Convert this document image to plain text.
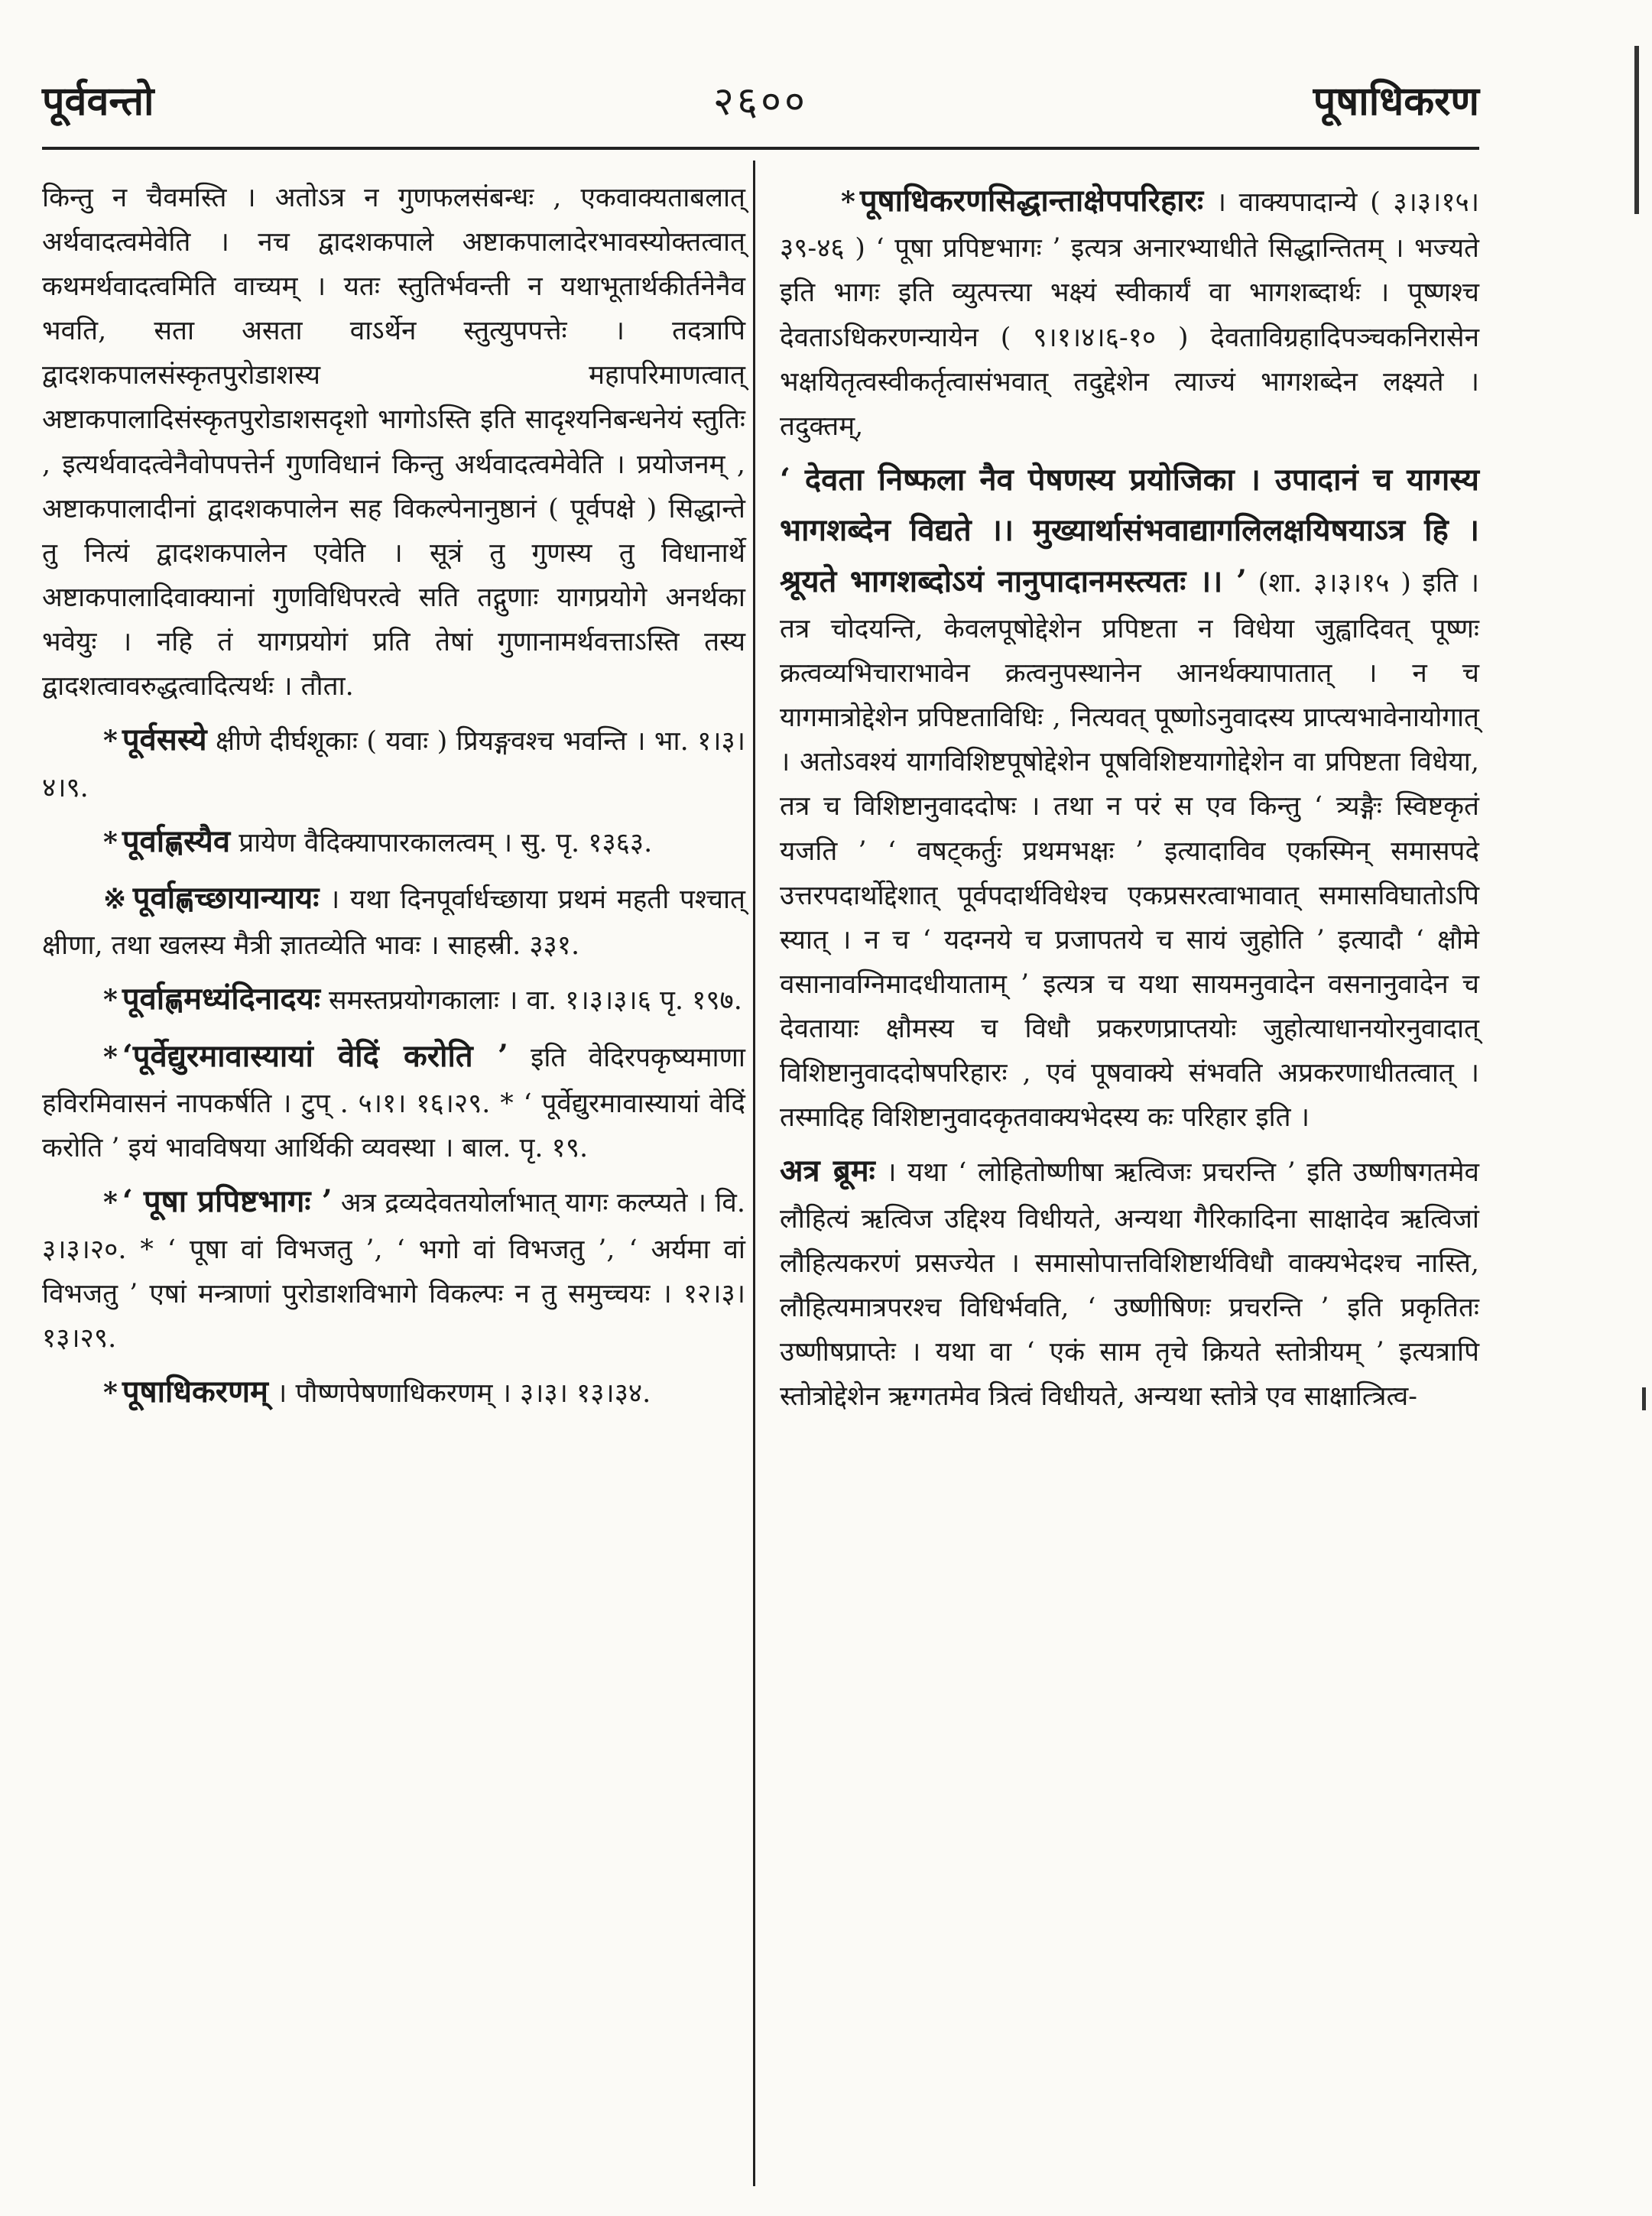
पूर्ववन्तो	२६००	पूषाधिकरण

किन्तु न चैवमस्ति । अतोऽत्र न गुणफलसंबन्धः , एकवाक्यताबलात् अर्थवादत्वमेवेति । नच द्वादशकपाले अष्टाकपालादेरभावस्योक्तत्वात् कथमर्थवादत्वमिति वाच्यम् । यतः स्तुतिर्भवन्ती न यथाभूतार्थकीर्तनेनैव भवति, सता असता वाऽर्थेन स्तुत्युपपत्तेः । तदत्रापि द्वादशकपालसंस्कृतपुरोडाशस्य महापरिमाणत्वात् अष्टाकपालादिसंस्कृतपुरोडाशसदृशो भागोऽस्ति इति सादृश्यनिबन्धनेयं स्तुतिः , इत्यर्थवादत्वेनैवोपपत्तेर्न गुणविधानं किन्तु अर्थवादत्वमेवेति । प्रयोजनम् , अष्टाकपालादीनां द्वादशकपालेन सह विकल्पेनानुष्ठानं ( पूर्वपक्षे ) सिद्धान्ते तु नित्यं द्वादशकपालेन एवेति । सूत्रं तु गुणस्य तु विधानार्थे अष्टाकपालादिवाक्यानां गुणविधिपरत्वे सति तद्गुणाः यागप्रयोगे अनर्थका भवेयुः । नहि तं यागप्रयोगं प्रति तेषां गुणानामर्थवत्ताऽस्ति तस्य द्वादशत्वावरुद्धत्वादित्यर्थः । तौता.

* पूर्वसस्ये क्षीणे दीर्घशूकाः ( यवाः ) प्रियङ्गवश्च भवन्ति । भा. १।३।४।९.

* पूर्वाह्णस्यैव प्रायेण वैदिक्यापारकालत्वम् । सु. पृ. १३६३.

※ पूर्वाह्णच्छायान्यायः । यथा दिनपूर्वार्धच्छाया प्रथमं महती पश्चात् क्षीणा, तथा खलस्य मैत्री ज्ञातव्येति भावः । साहस्री. ३३१.

* पूर्वाह्णमध्यंदिनादयः समस्तप्रयोगकालाः । वा. १।३।३।६ पृ. १९७.

* ‘पूर्वेद्युरमावास्यायां वेदिं करोति ’ इति वेदिरपकृष्यमाणा हविरमिवासनं नापकर्षति । टुप् . ५।१। १६।२९. * ‘ पूर्वेद्युरमावास्यायां वेदिं करोति ’ इयं भावविषया आर्थिकी व्यवस्था । बाल. पृ. १९.

* ‘ पूषा प्रपिष्टभागः ’ अत्र द्रव्यदेवतयोर्लाभात् यागः कल्प्यते । वि. ३।३।२०. * ‘ पूषा वां विभजतु ’, ‘ भगो वां विभजतु ’, ‘ अर्यमा वां विभजतु ’ एषां मन्त्राणां पुरोडाशविभागे विकल्पः न तु समुच्चयः । १२।३।१३।२९.

* पूषाधिकरणम् । पौष्णपेषणाधिकरणम् । ३।३। १३।३४.

* पूषाधिकरणसिद्धान्ताक्षेपपरिहारः । वाक्यपादान्ये ( ३।३।१५।३९-४६ ) ‘ पूषा प्रपिष्टभागः ’ इत्यत्र अनारभ्याधीते सिद्धान्तितम् । भज्यते इति भागः इति व्युत्पत्त्या भक्ष्यं स्वीकार्यं वा भागशब्दार्थः । पूष्णश्च देवताऽधिकरणन्यायेन ( ९।१।४।६-१० ) देवताविग्रहादिपञ्चकनिरासेन भक्षयितृत्वस्वीकर्तृत्वासंभवात् तदुद्देशेन त्याज्यं भागशब्देन लक्ष्यते । तदुक्तम्,

‘ देवता निष्फला नैव पेषणस्य प्रयोजिका । उपादानं च यागस्य भागशब्देन विद्यते ।। मुख्यार्थासंभवाद्यागलिलक्षयिषयाऽत्र हि । श्रूयते भागशब्दोऽयं नानुपादानमस्त्यतः ।। ’ (शा. ३।३।१५ ) इति । तत्र चोदयन्ति, केवलपूषोद्देशेन प्रपिष्टता न विधेया जुह्वादिवत् पूष्णः क्रत्वव्यभिचाराभावेन क्रत्वनुपस्थानेन आनर्थक्यापातात् । न च यागमात्रोद्देशेन प्रपिष्टताविधिः , नित्यवत् पूष्णोऽनुवादस्य प्राप्त्यभावेनायोगात् । अतोऽवश्यं यागविशिष्टपूषोद्देशेन पूषविशिष्टयागोद्देशेन वा प्रपिष्टता विधेया, तत्र च विशिष्टानुवाददोषः । तथा न परं स एव किन्तु ‘ त्र्यङ्गैः स्विष्टकृतं यजति ’ ‘ वषट्कर्तुः प्रथमभक्षः ’ इत्यादाविव एकस्मिन् समासपदे उत्तरपदार्थोद्देशात् पूर्वपदार्थविधेश्च एकप्रसरत्वाभावात् समासविघातोऽपि स्यात् । न च ‘ यदग्नये च प्रजापतये च सायं जुहोति ’ इत्यादौ ‘ क्षौमे वसानावग्निमादधीयाताम् ’ इत्यत्र च यथा सायमनुवादेन वसनानुवादेन च देवतायाः क्षौमस्य च विधौ प्रकरणप्राप्तयोः जुहोत्याधानयोरनुवादात् विशिष्टानुवाददोषपरिहारः , एवं पूषवाक्ये संभवति अप्रकरणाधीतत्वात् । तस्मादिह विशिष्टानुवादकृतवाक्यभेदस्य कः परिहार इति ।

अत्र ब्रूमः । यथा ‘ लोहितोष्णीषा ऋत्विजः प्रचरन्ति ’ इति उष्णीषगतमेव लौहित्यं ऋत्विज उद्दिश्य विधीयते, अन्यथा गैरिकादिना साक्षादेव ऋत्विजां लौहित्यकरणं प्रसज्येत । समासोपात्तविशिष्टार्थविधौ वाक्यभेदश्च नास्ति, लौहित्यमात्रपरश्च विधिर्भवति, ‘ उष्णीषिणः प्रचरन्ति ’ इति प्रकृतितः उष्णीषप्राप्तेः । यथा वा ‘ एकं साम तृचे क्रियते स्तोत्रीयम् ’ इत्यत्रापि स्तोत्रोद्देशेन ऋग्गतमेव त्रित्वं विधीयते, अन्यथा स्तोत्रे एव साक्षात्त्रित्व-
